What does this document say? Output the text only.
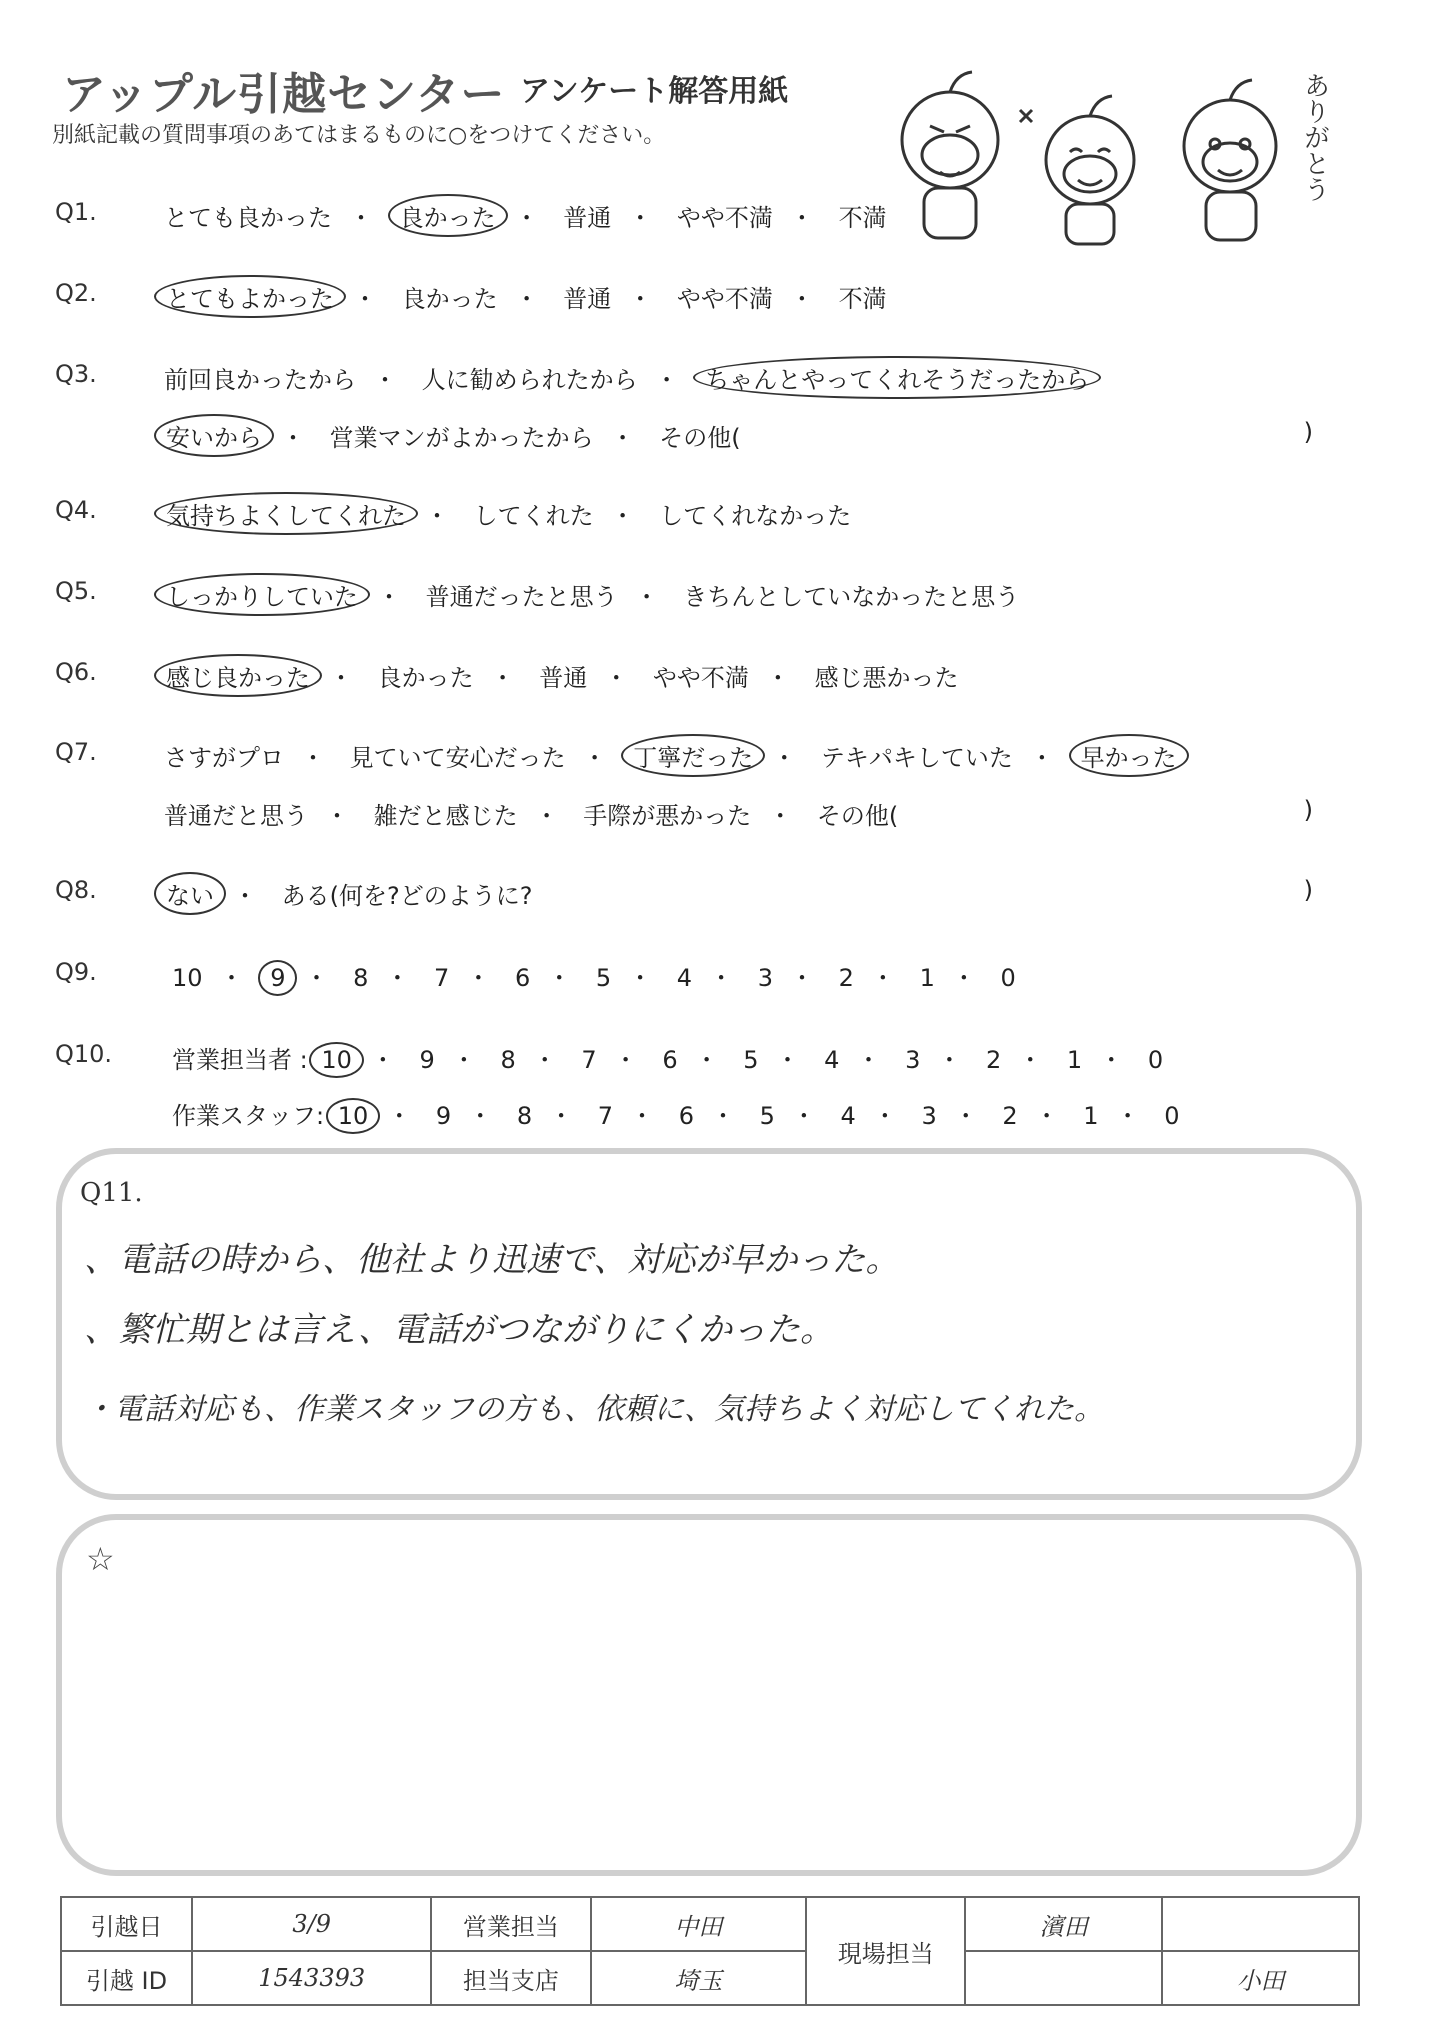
アップル引越センター アンケート解答用紙
別紙記載の質問事項のあてはまるものに○をつけてください。	ありがとう
Q1.	とても良かった ・ 良かった ・ 普通 ・ やや不満 ・ 不満
Q2.	とてもよかった ・ 良かった ・ 普通 ・ やや不満 ・ 不満
Q3.	前回良かったから ・ 人に勧められたから ・ ちゃんとやってくれそうだったから
安いから ・ 営業マンがよかったから ・ その他(	)
Q4.	気持ちよくしてくれた ・ してくれた ・ してくれなかった
Q5.	しっかりしていた ・ 普通だったと思う ・ きちんとしていなかったと思う
Q6.	感じ良かった ・ 良かった ・ 普通 ・ やや不満 ・ 感じ悪かった
Q7.	さすがプロ ・ 見ていて安心だった ・ 丁寧だった ・ テキパキしていた ・ 早かった
普通だと思う ・ 雑だと感じた ・ 手際が悪かった ・ その他(	)
Q8.	ない ・ ある(何を?どのように?	)
Q9.	10 ・ 9 ・ 8 ・ 7 ・ 6 ・ 5 ・ 4 ・ 3 ・ 2 ・ 1 ・ 0
Q10. 営業担当者 : 10 ・ 9 ・ 8 ・ 7 ・ 6 ・ 5 ・ 4 ・ 3 ・ 2 ・ 1 ・ 0
作業スタッフ: 10 ・ 9 ・ 8 ・ 7 ・ 6 ・ 5 ・ 4 ・ 3 ・ 2 ・ 1 ・ 0
Q11.
、電話の時から、他社より迅速で、対応が早かった。
、繁忙期とは言え、電話がつながりにくかった。
・電話対応も、作業スタッフの方も、依頼に、気持ちよく対応してくれた。
☆
引越日	3/9	営業担当	中田	現場担当	濱田	
引越 ID	1543393	担当支店	埼玉			小田
